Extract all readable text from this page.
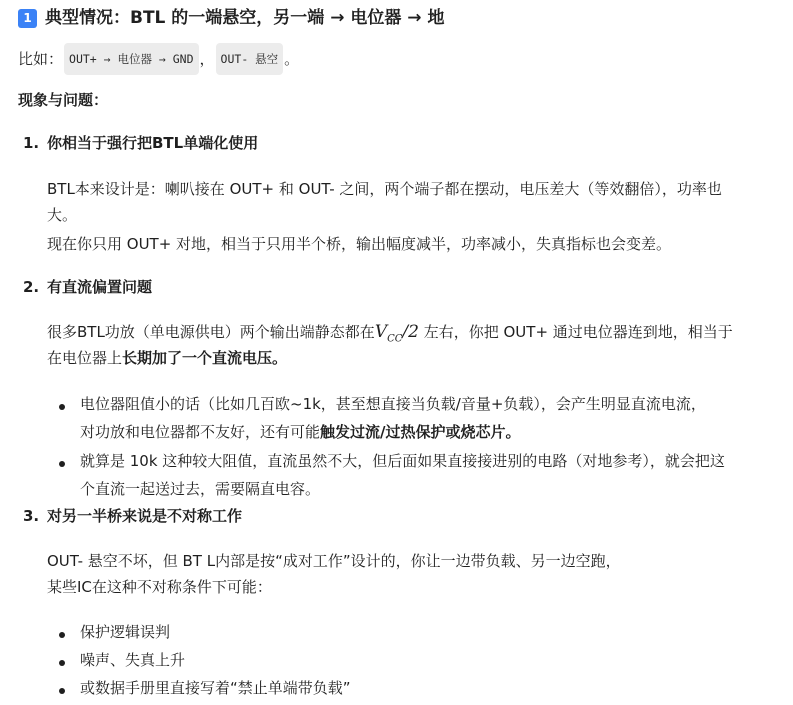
1 典型情况：BTL 的一端悬空，另一端 → 电位器 → 地
比如： OUT+ → 电位器 → GND ， OUT- 悬空 。
现象与问题：
1. 你相当于强行把BTL单端化使用
BTL本来设计是：喇叭接在 OUT+ 和 OUT- 之间，两个端子都在摆动，电压差大（等效翻倍），功率也
大。
现在你只用 OUT+ 对地，相当于只用半个桥，输出幅度减半，功率减小，失真指标也会变差。
2. 有直流偏置问题
很多BTL功放（单电源供电）两个输出端静态都在$V_{CC}/2$ 左右，你把 OUT+ 通过电位器连到地，相当于
在电位器上长期加了一个直流电压。
电位器阻值小的话（比如几百欧~1k，甚至想直接当负载/音量+负载），会产生明显直流电流，
对功放和电位器都不友好，还有可能触发过流/过热保护或烧芯片。
就算是 10k 这种较大阻值，直流虽然不大，但后面如果直接接进别的电路（对地参考），就会把这
个直流一起送过去，需要隔直电容。
3. 对另一半桥来说是不对称工作
OUT- 悬空不坏，但 BT L内部是按“成对工作”设计的，你让一边带负载、另一边空跑，
某些IC在这种不对称条件下可能：
保护逻辑误判
噪声、失真上升
或数据手册里直接写着“禁止单端带负载”
